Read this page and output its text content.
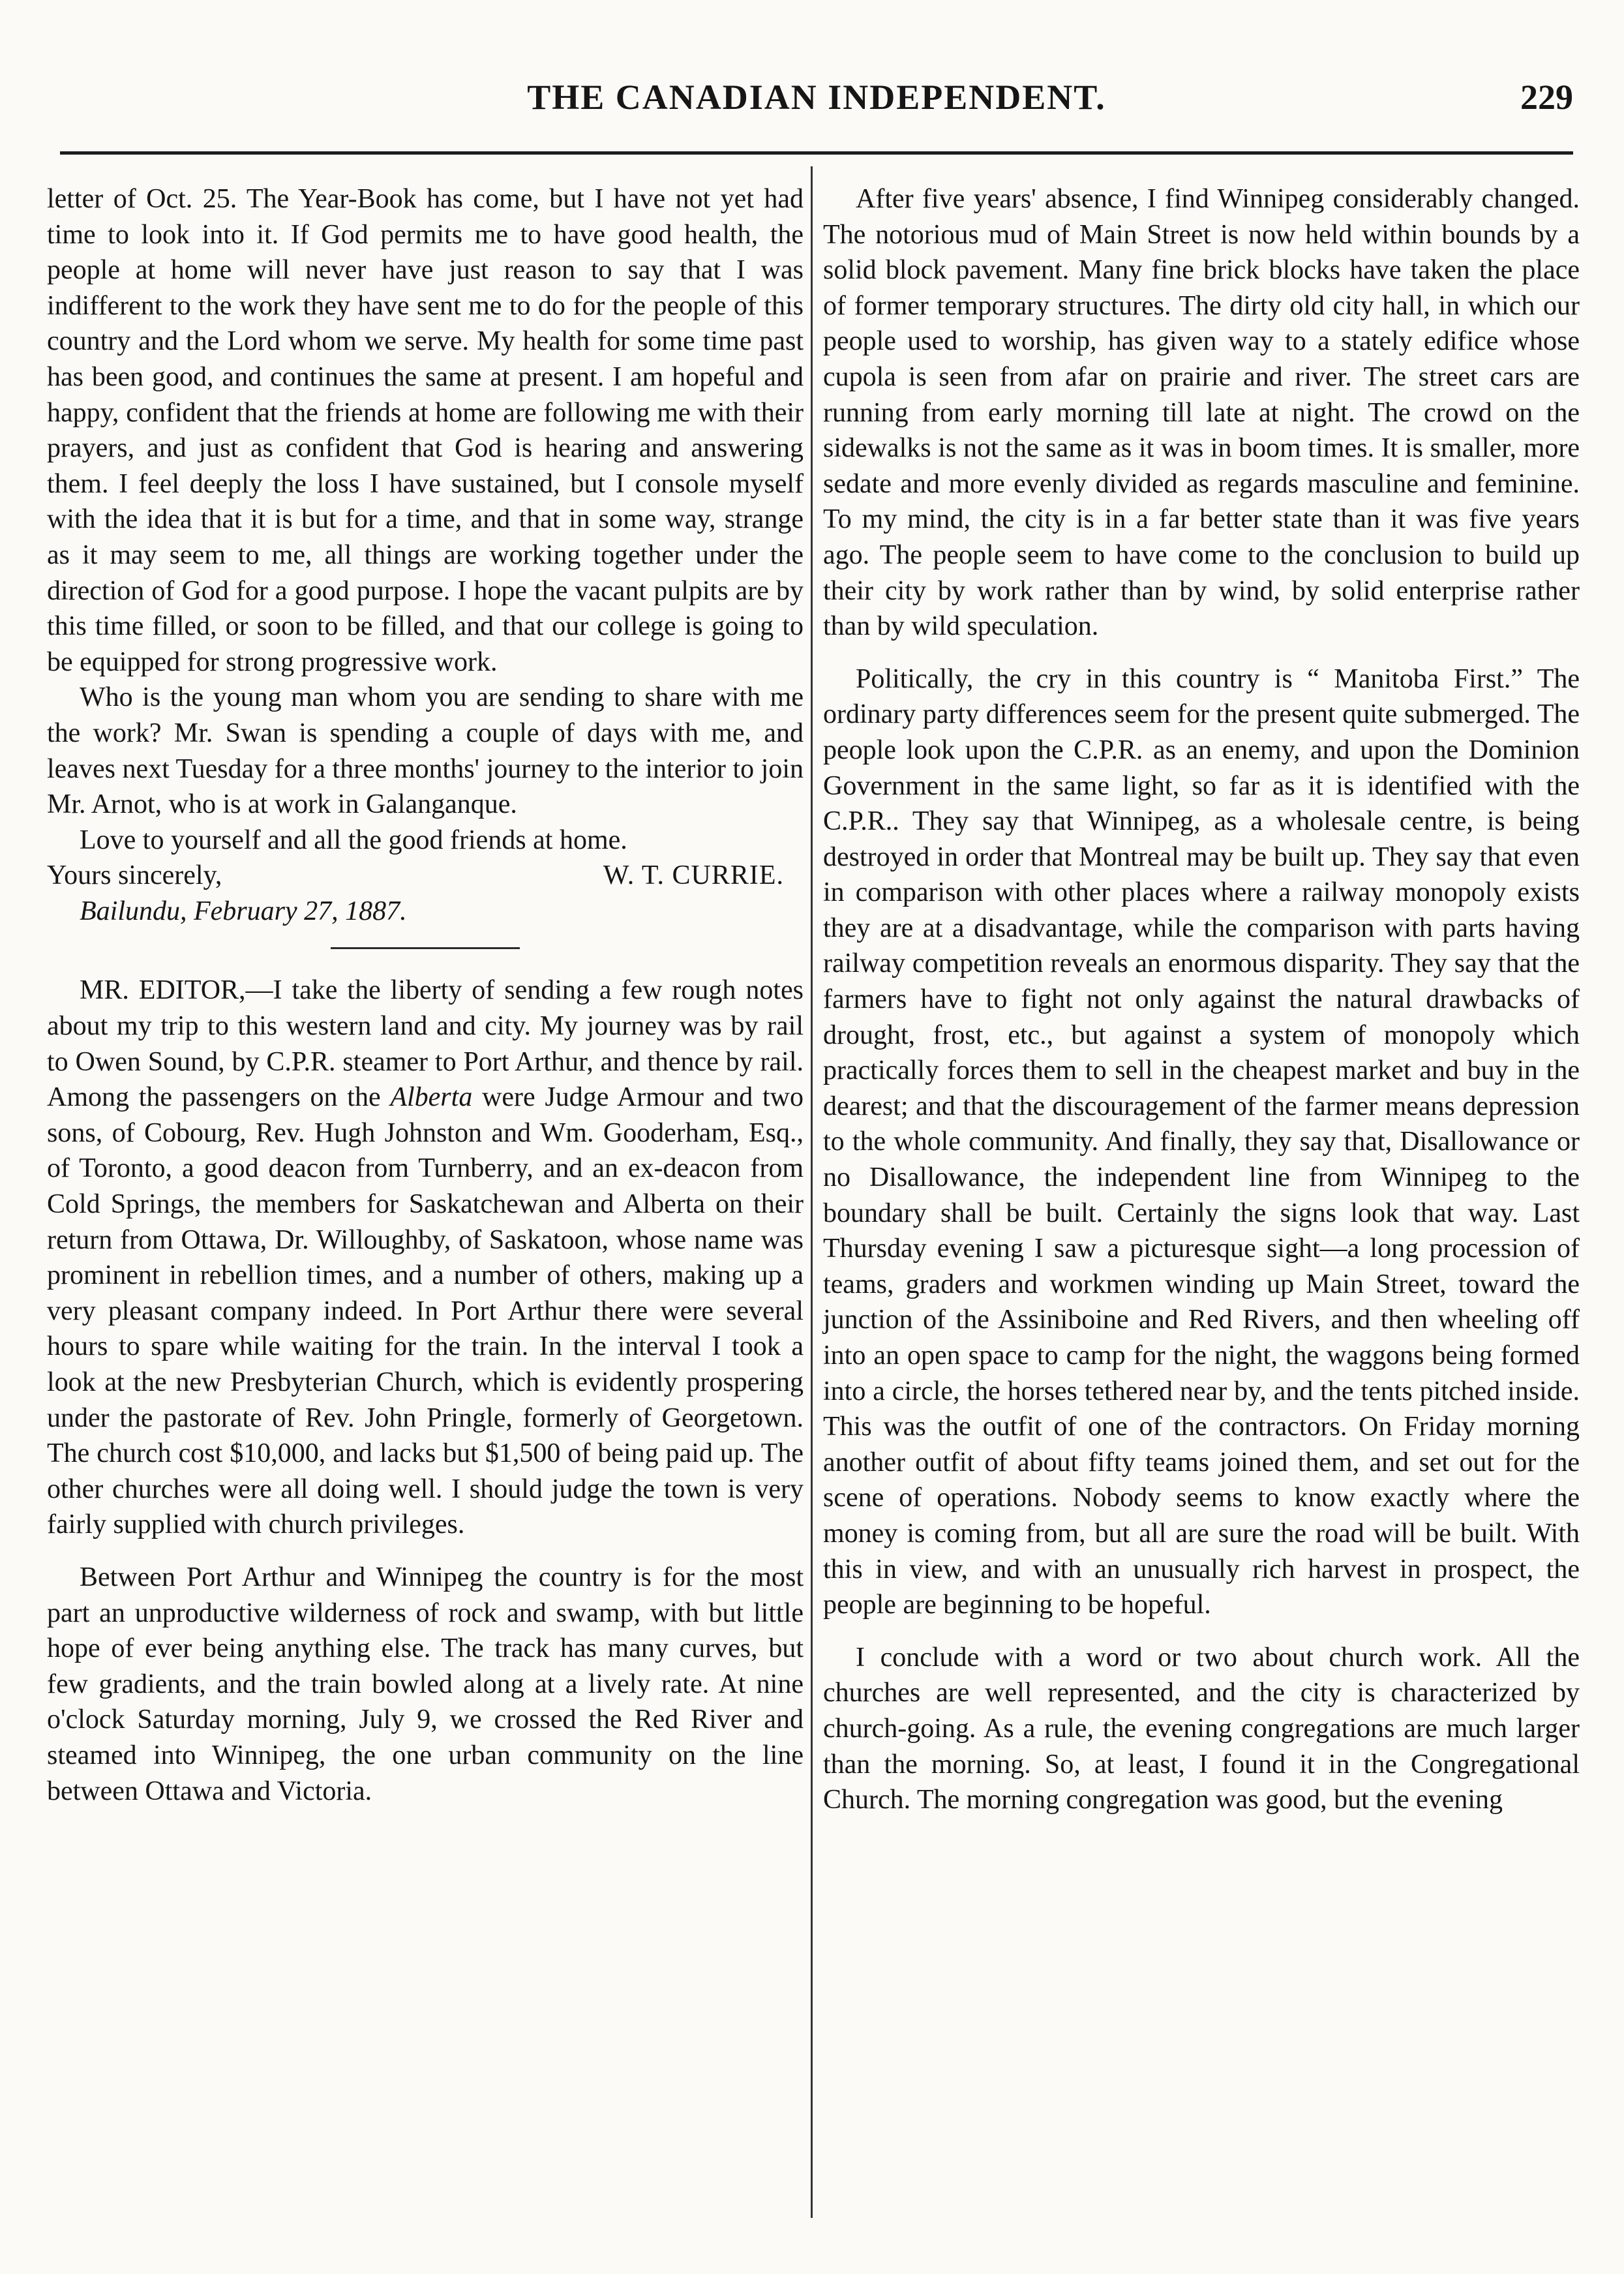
THE CANADIAN INDEPENDENT.	229

letter of Oct. 25. The Year-Book has come, but I have not yet had time to look into it. If God permits me to have good health, the people at home will never have just reason to say that I was indifferent to the work they have sent me to do for the people of this country and the Lord whom we serve. My health for some time past has been good, and continues the same at present. I am hopeful and happy, confident that the friends at home are following me with their prayers, and just as confident that God is hearing and answering them. I feel deeply the loss I have sustained, but I console myself with the idea that it is but for a time, and that in some way, strange as it may seem to me, all things are working together under the direction of God for a good purpose. I hope the vacant pulpits are by this time filled, or soon to be filled, and that our college is going to be equipped for strong progressive work.

Who is the young man whom you are sending to share with me the work? Mr. Swan is spending a couple of days with me, and leaves next Tuesday for a three months' journey to the interior to join Mr. Arnot, who is at work in Galanganque.

Love to yourself and all the good friends at home.

Yours sincerely,	W. T. CURRIE.

Bailundu, February 27, 1887.

MR. EDITOR,—I take the liberty of sending a few rough notes about my trip to this western land and city. My journey was by rail to Owen Sound, by C.P.R. steamer to Port Arthur, and thence by rail. Among the passengers on the Alberta were Judge Armour and two sons, of Cobourg, Rev. Hugh Johnston and Wm. Gooderham, Esq., of Toronto, a good deacon from Turnberry, and an ex-deacon from Cold Springs, the members for Saskatchewan and Alberta on their return from Ottawa, Dr. Willoughby, of Saskatoon, whose name was prominent in rebellion times, and a number of others, making up a very pleasant company indeed. In Port Arthur there were several hours to spare while waiting for the train. In the interval I took a look at the new Presbyterian Church, which is evidently prospering under the pastorate of Rev. John Pringle, formerly of Georgetown. The church cost $10,000, and lacks but $1,500 of being paid up. The other churches were all doing well. I should judge the town is very fairly supplied with church privileges.

Between Port Arthur and Winnipeg the country is for the most part an unproductive wilderness of rock and swamp, with but little hope of ever being anything else. The track has many curves, but few gradients, and the train bowled along at a lively rate. At nine o'clock Saturday morning, July 9, we crossed the Red River and steamed into Winnipeg, the one urban community on the line between Ottawa and Victoria.

After five years' absence, I find Winnipeg considerably changed. The notorious mud of Main Street is now held within bounds by a solid block pavement. Many fine brick blocks have taken the place of former temporary structures. The dirty old city hall, in which our people used to worship, has given way to a stately edifice whose cupola is seen from afar on prairie and river. The street cars are running from early morning till late at night. The crowd on the sidewalks is not the same as it was in boom times. It is smaller, more sedate and more evenly divided as regards masculine and feminine. To my mind, the city is in a far better state than it was five years ago. The people seem to have come to the conclusion to build up their city by work rather than by wind, by solid enterprise rather than by wild speculation.

Politically, the cry in this country is “ Manitoba First.” The ordinary party differences seem for the present quite submerged. The people look upon the C.P.R. as an enemy, and upon the Dominion Government in the same light, so far as it is identified with the C.P.R.. They say that Winnipeg, as a wholesale centre, is being destroyed in order that Montreal may be built up. They say that even in comparison with other places where a railway monopoly exists they are at a disadvantage, while the comparison with parts having railway competition reveals an enormous disparity. They say that the farmers have to fight not only against the natural drawbacks of drought, frost, etc., but against a system of monopoly which practically forces them to sell in the cheapest market and buy in the dearest; and that the discouragement of the farmer means depression to the whole community. And finally, they say that, Disallowance or no Disallowance, the independent line from Winnipeg to the boundary shall be built. Certainly the signs look that way. Last Thursday evening I saw a picturesque sight—a long procession of teams, graders and workmen winding up Main Street, toward the junction of the Assiniboine and Red Rivers, and then wheeling off into an open space to camp for the night, the waggons being formed into a circle, the horses tethered near by, and the tents pitched inside. This was the outfit of one of the contractors. On Friday morning another outfit of about fifty teams joined them, and set out for the scene of operations. Nobody seems to know exactly where the money is coming from, but all are sure the road will be built. With this in view, and with an unusually rich harvest in prospect, the people are beginning to be hopeful.

I conclude with a word or two about church work. All the churches are well represented, and the city is characterized by church-going. As a rule, the evening congregations are much larger than the morning. So, at least, I found it in the Congregational Church. The morning congregation was good, but the evening
